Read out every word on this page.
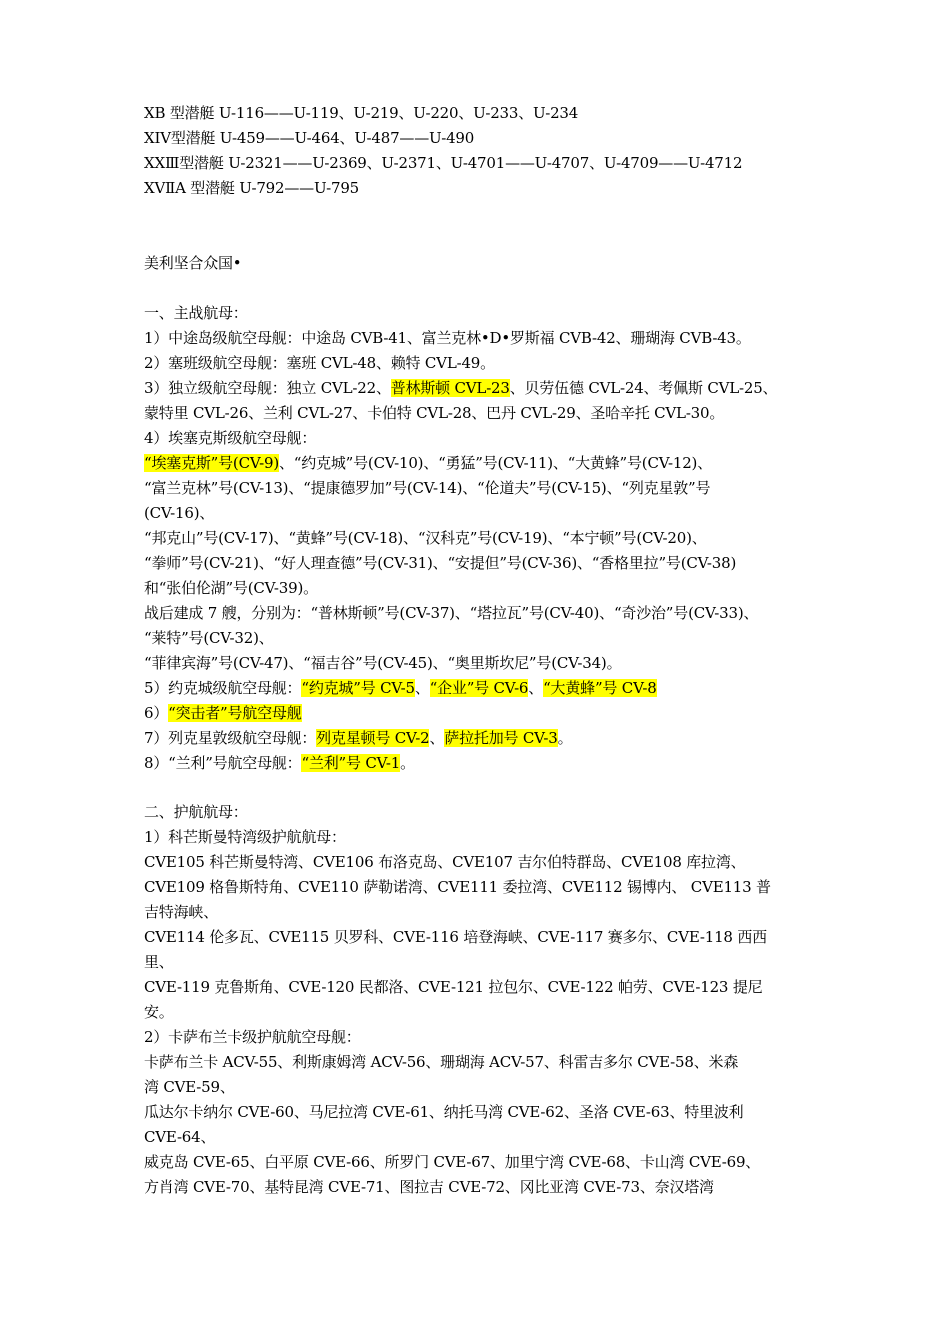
ⅩB 型潜艇 U-116——U-119、U-219、U-220、U-233、U-234
ⅩⅠⅤ型潜艇 U-459——U-464、U-487——U-490
ⅩⅩⅢ型潜艇 U-2321——U-2369、U-2371、U-4701——U-4707、U-4709——U-4712
ⅩⅤⅡA 型潜艇 U-792——U-795
美利坚合众国•
一、主战航母：
1）中途岛级航空母舰：中途岛 CVB-41、富兰克林•D•罗斯福 CVB-42、珊瑚海 CVB-43。
2）塞班级航空母舰：塞班 CVL-48、赖特 CVL-49。
3）独立级航空母舰：独立 CVL-22、普林斯顿 CVL-23、贝劳伍德 CVL-24、考佩斯 CVL-25、
蒙特里 CVL-26、兰利 CVL-27、卡伯特 CVL-28、巴丹 CVL-29、圣哈辛托 CVL-30。
4）埃塞克斯级航空母舰：
“埃塞克斯”号(CV-9)、“约克城”号(CV-10)、“勇猛”号(CV-11)、“大黄蜂”号(CV-12)、
“富兰克林”号(CV-13)、“提康德罗加”号(CV-14)、“伦道夫”号(CV-15)、“列克星敦”号
(CV-16)、
“邦克山”号(CV-17)、“黄蜂”号(CV-18)、“汉科克”号(CV-19)、“本宁顿”号(CV-20)、
“拳师”号(CV-21)、“好人理查德”号(CV-31)、“安提但”号(CV-36)、“香格里拉”号(CV-38)
和“张伯伦湖”号(CV-39)。
战后建成 7 艘，分别为：“普林斯顿”号(CV-37)、“塔拉瓦”号(CV-40)、“奇沙治”号(CV-33)、
“莱特”号(CV-32)、
“菲律宾海”号(CV-47)、“福吉谷”号(CV-45)、“奥里斯坎尼”号(CV-34)。
5）约克城级航空母舰：“约克城”号 CV-5、“企业”号 CV-6、“大黄蜂”号 CV-8
6）“突击者”号航空母舰
7）列克星敦级航空母舰：列克星顿号 CV-2、萨拉托加号 CV-3。
8）“兰利”号航空母舰：“兰利”号 CV-1。
二、护航航母：
1）科芒斯曼特湾级护航航母：
CVE105 科芒斯曼特湾、CVE106 布洛克岛、CVE107 吉尔伯特群岛、CVE108 库拉湾、
CVE109 格鲁斯特角、CVE110 萨勒诺湾、CVE111 委拉湾、CVE112 锡博内、 CVE113 普
吉特海峡、
CVE114 伦多瓦、CVE115 贝罗科、CVE-116 培登海峡、CVE-117 赛多尔、CVE-118 西西
里、
CVE-119 克鲁斯角、CVE-120 民都洛、CVE-121 拉包尔、CVE-122 帕劳、CVE-123 提尼
安。
2）卡萨布兰卡级护航航空母舰：
卡萨布兰卡 ACV-55、利斯康姆湾 ACV-56、珊瑚海 ACV-57、科雷吉多尔 CVE-58、米森
湾 CVE-59、
瓜达尔卡纳尔 CVE-60、马尼拉湾 CVE-61、纳托马湾 CVE-62、圣洛 CVE-63、特里波利
CVE-64、
威克岛 CVE-65、白平原 CVE-66、所罗门 CVE-67、加里宁湾 CVE-68、卡山湾 CVE-69、
方肖湾 CVE-70、基特昆湾 CVE-71、图拉吉 CVE-72、冈比亚湾 CVE-73、奈汉塔湾
